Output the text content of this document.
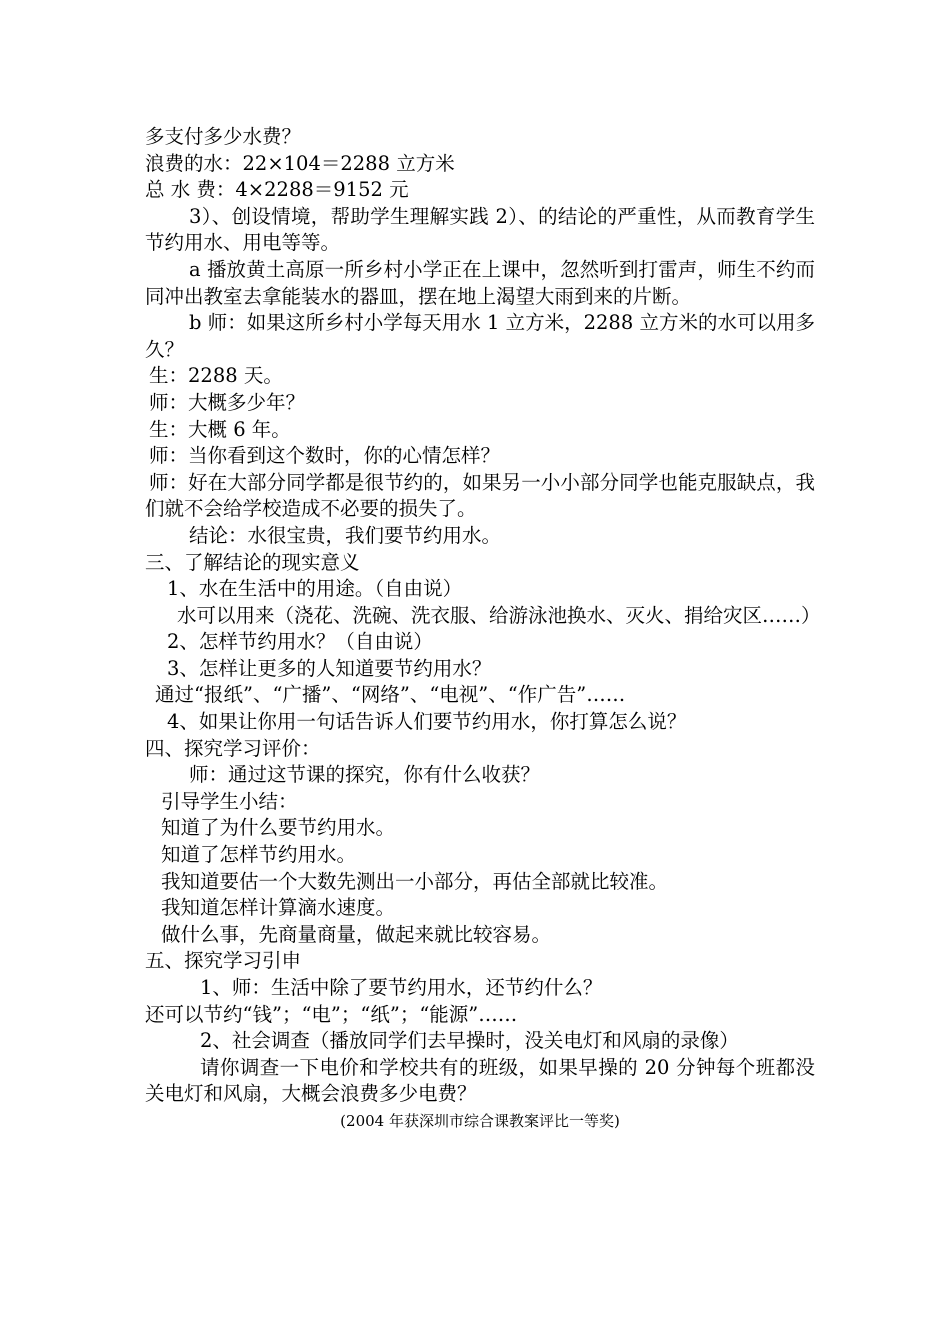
多支付多少水费？
浪费的水：22×104＝2288 立方米
总 水 费：4×2288＝9152 元
3）、创设情境，帮助学生理解实践 2）、的结论的严重性，从而教育学生节约用水、用电等等。
a 播放黄土高原一所乡村小学正在上课中，忽然听到打雷声，师生不约而同冲出教室去拿能装水的器皿，摆在地上渴望大雨到来的片断。
b 师：如果这所乡村小学每天用水 1 立方米，2288 立方米的水可以用多久？
生：2288 天。
师：大概多少年？
生：大概 6 年。
师：当你看到这个数时，你的心情怎样？
师：好在大部分同学都是很节约的，如果另一小小部分同学也能克服缺点，我们就不会给学校造成不必要的损失了。
结论：水很宝贵，我们要节约用水。
三、了解结论的现实意义
1、水在生活中的用途。（自由说）
水可以用来（浇花、洗碗、洗衣服、给游泳池换水、灭火、捐给灾区……）
2、怎样节约用水？（自由说）
3、怎样让更多的人知道要节约用水？
通过“报纸”、“广播”、“网络”、“电视”、“作广告”……
4、如果让你用一句话告诉人们要节约用水，你打算怎么说？
四、探究学习评价：
师：通过这节课的探究，你有什么收获？
引导学生小结：
知道了为什么要节约用水。
知道了怎样节约用水。
我知道要估一个大数先测出一小部分，再估全部就比较准。
我知道怎样计算滴水速度。
做什么事，先商量商量，做起来就比较容易。
五、探究学习引申
1、师：生活中除了要节约用水，还节约什么？
还可以节约“钱”；“电”；“纸”；“能源”……
2、社会调查（播放同学们去早操时，没关电灯和风扇的录像）
请你调查一下电价和学校共有的班级，如果早操的 20 分钟每个班都没关电灯和风扇，大概会浪费多少电费？
(2004 年获深圳市综合课教案评比一等奖)
